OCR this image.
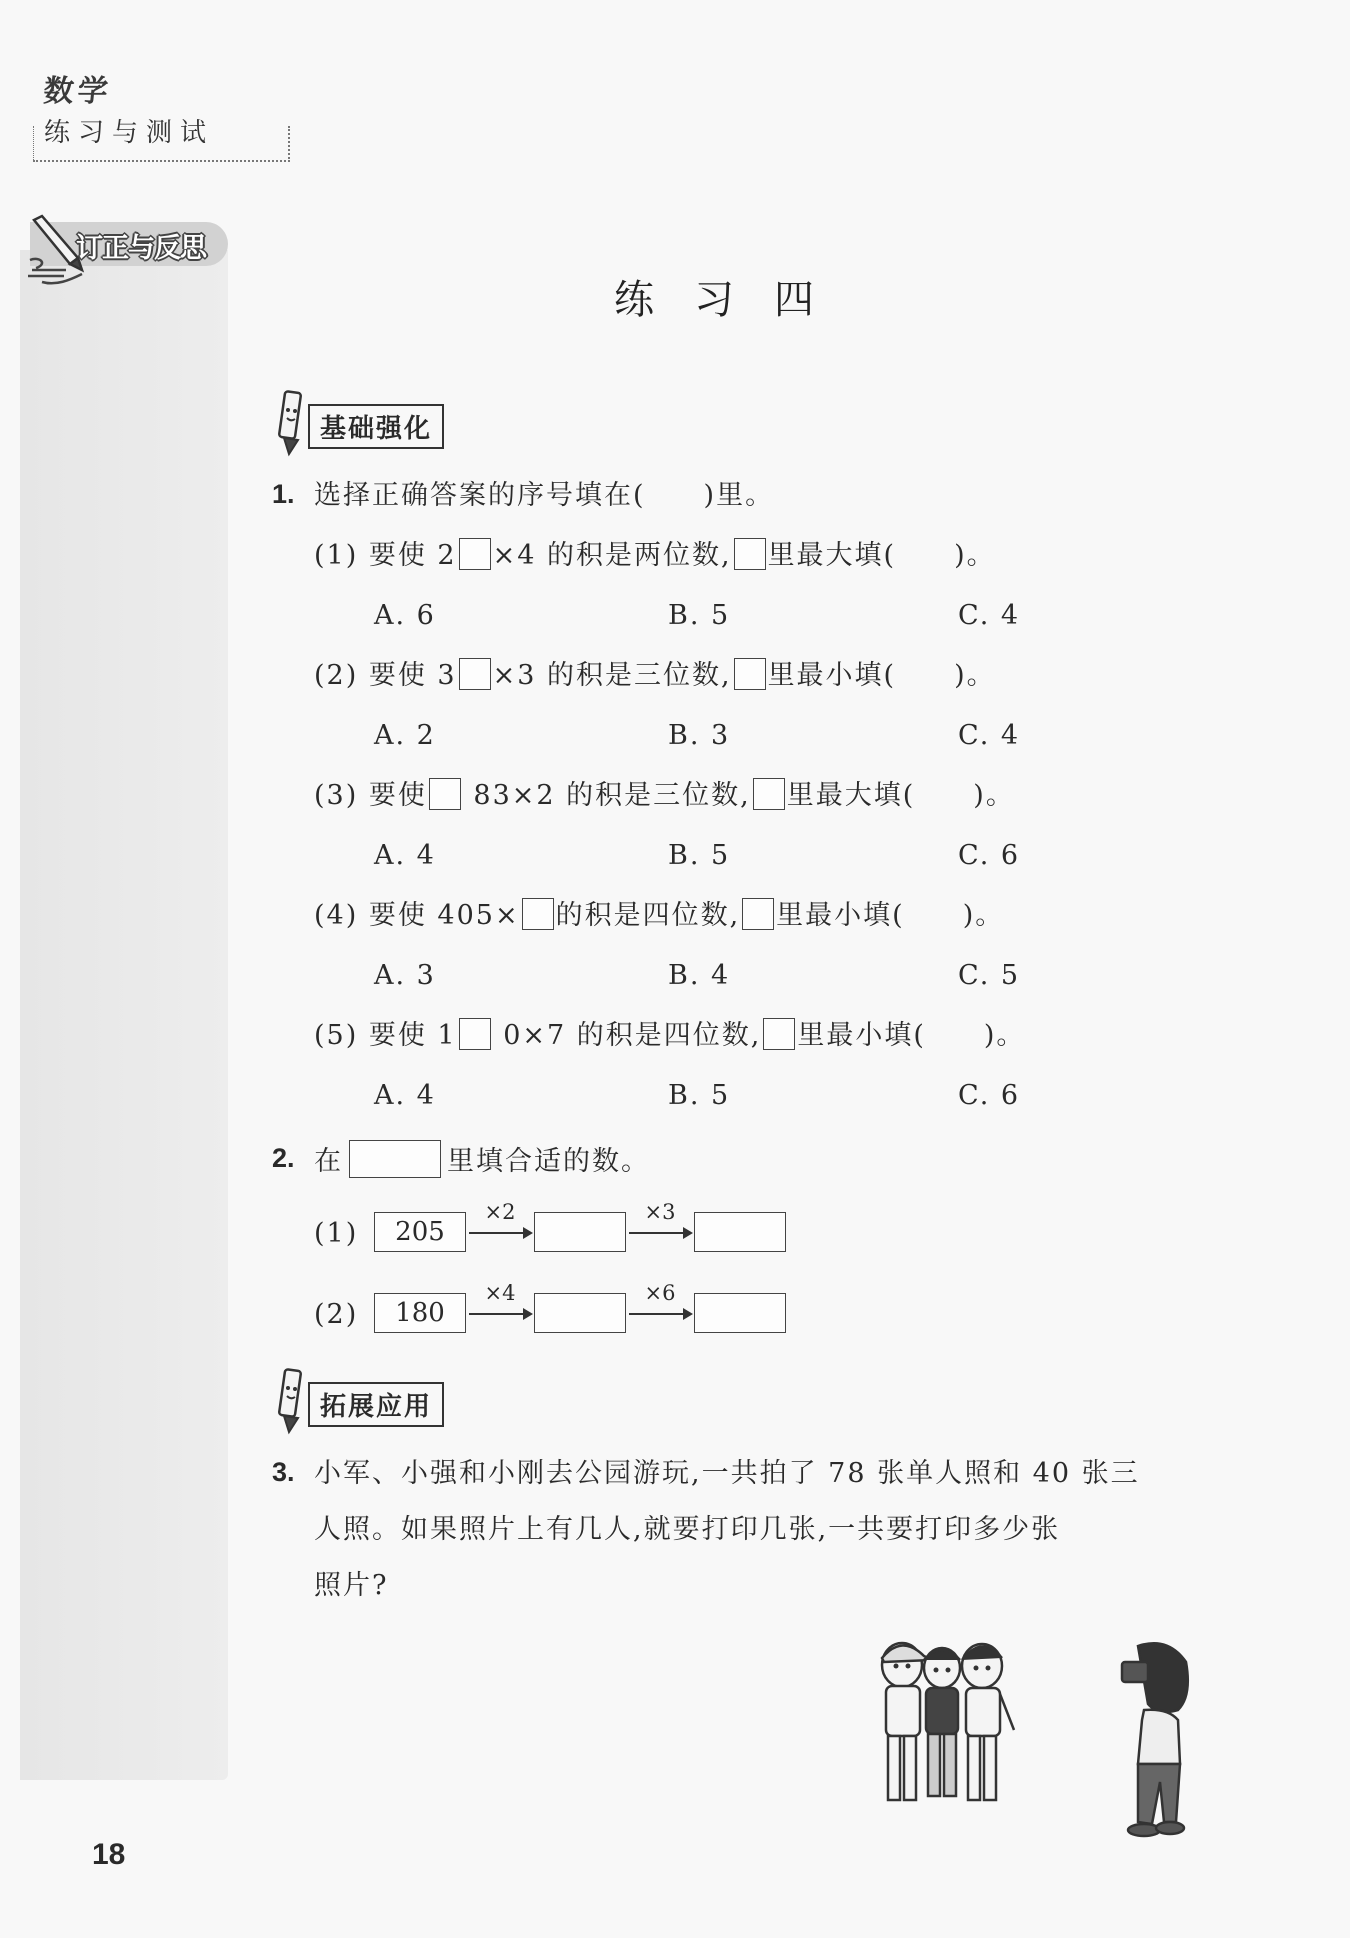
数学
练习与测试
订正与反思
练习四
基础强化
1. 选择正确答案的序号填在(　　)里。
(1) 要使 2 ×4 的积是两位数, 里最大填(　　)。
A. 6	B. 5	C. 4
(2) 要使 3 ×3 的积是三位数, 里最小填(　　)。
A. 2	B. 3	C. 4
(3) 要使 83×2 的积是三位数, 里最大填(　　)。
A. 4	B. 5	C. 6
(4) 要使 405× 的积是四位数, 里最小填(　　)。
A. 3	B. 4	C. 5
(5) 要使 1 0×7 的积是四位数, 里最小填(　　)。
A. 4	B. 5	C. 6
2. 在	里填合适的数。
(1)	205
×2	×3
(2)	180
×4	×6
拓展应用
3. 小军、小强和小刚去公园游玩,一共拍了 78 张单人照和 40 张三
人照。如果照片上有几人,就要打印几张,一共要打印多少张
照片?
18
